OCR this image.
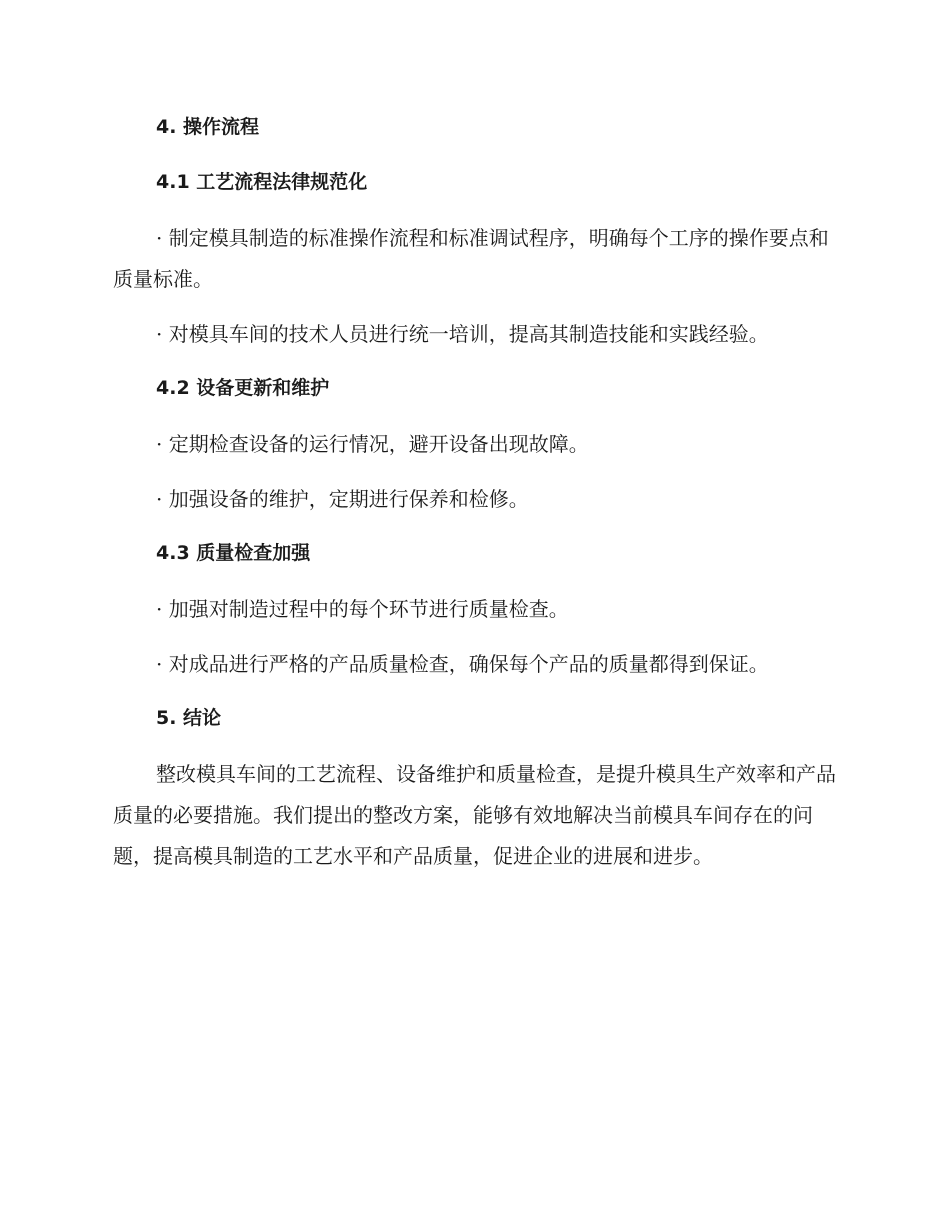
4. 操作流程
4.1 工艺流程法律规范化
· 制定模具制造的标准操作流程和标准调试程序，明确每个工序的操作要点和质量标准。
· 对模具车间的技术人员进行统一培训，提高其制造技能和实践经验。
4.2 设备更新和维护
· 定期检查设备的运行情况，避开设备出现故障。
· 加强设备的维护，定期进行保养和检修。
4.3 质量检查加强
· 加强对制造过程中的每个环节进行质量检查。
· 对成品进行严格的产品质量检查，确保每个产品的质量都得到保证。
5. 结论
整改模具车间的工艺流程、设备维护和质量检查，是提升模具生产效率和产品质量的必要措施。我们提出的整改方案，能够有效地解决当前模具车间存在的问题，提高模具制造的工艺水平和产品质量，促进企业的进展和进步。
